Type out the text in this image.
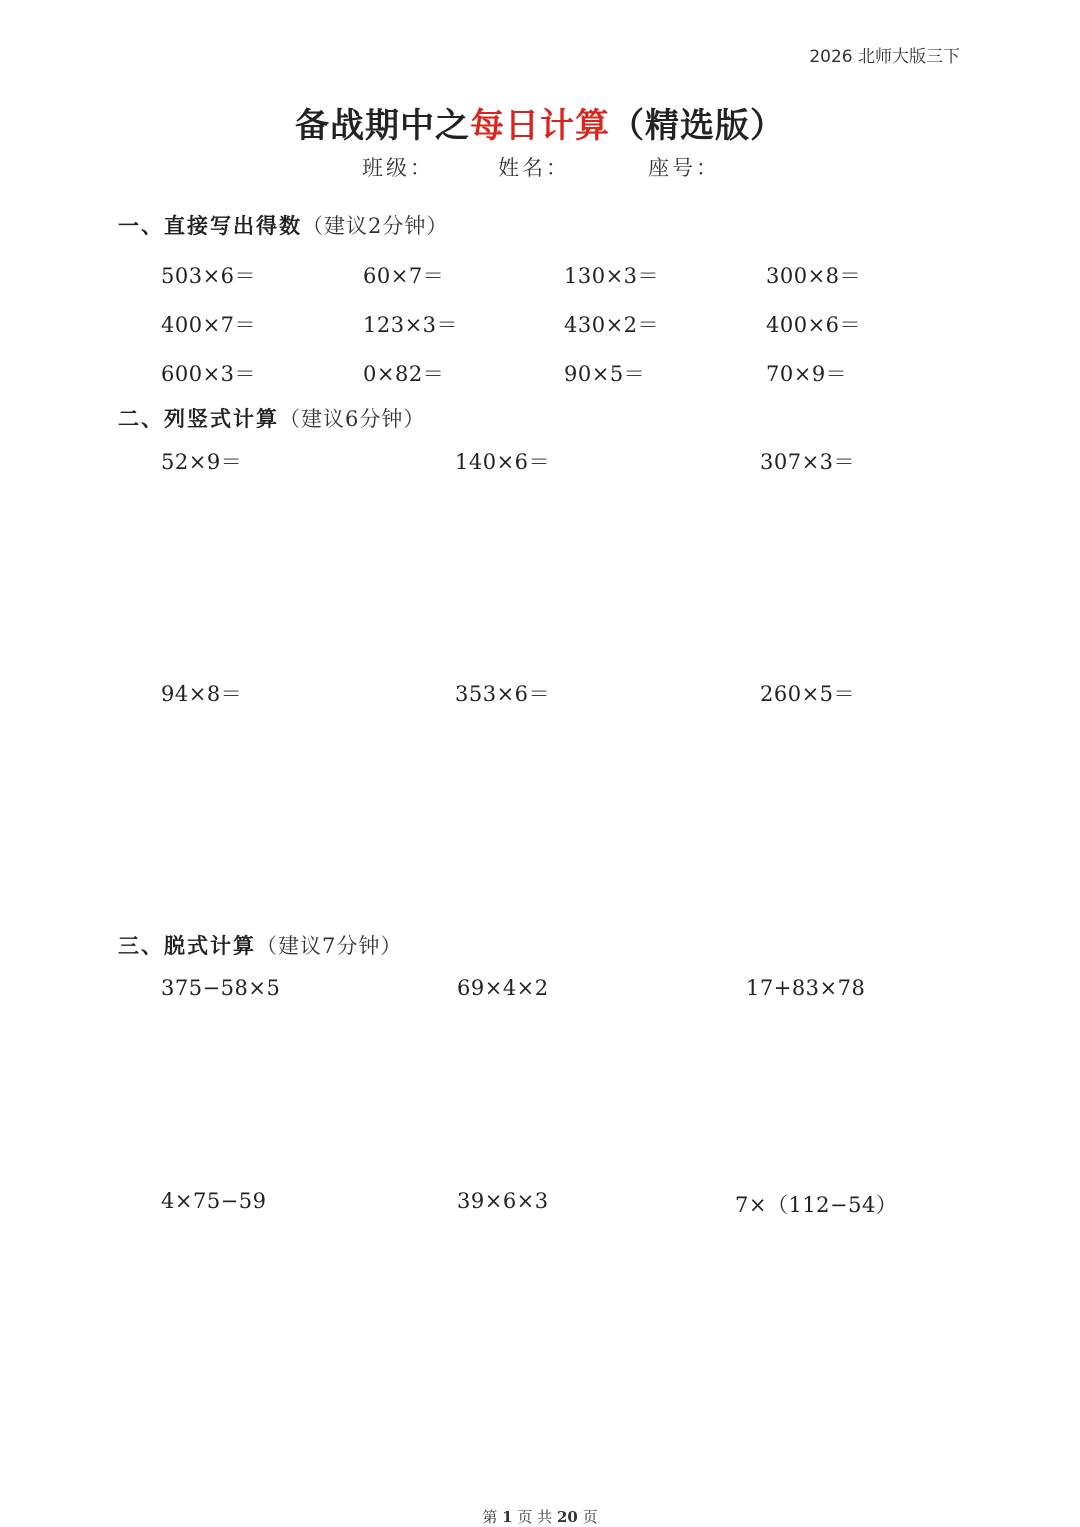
2026 北师大版三下
备战期中之每日计算（精选版）
班级：	姓名：	座号：
一、直接写出得数（建议2分钟）
503×6＝	60×7＝	130×3＝	300×8＝
400×7＝	123×3＝	430×2＝	400×6＝
600×3＝	0×82＝	90×5＝	70×9＝
二、列竖式计算（建议6分钟）
52×9＝	140×6＝	307×3＝
94×8＝	353×6＝	260×5＝
三、脱式计算（建议7分钟）
375−58×5	69×4×2	17+83×78
4×75−59	39×6×3	7×（112−54）
第 1 页 共 20 页
